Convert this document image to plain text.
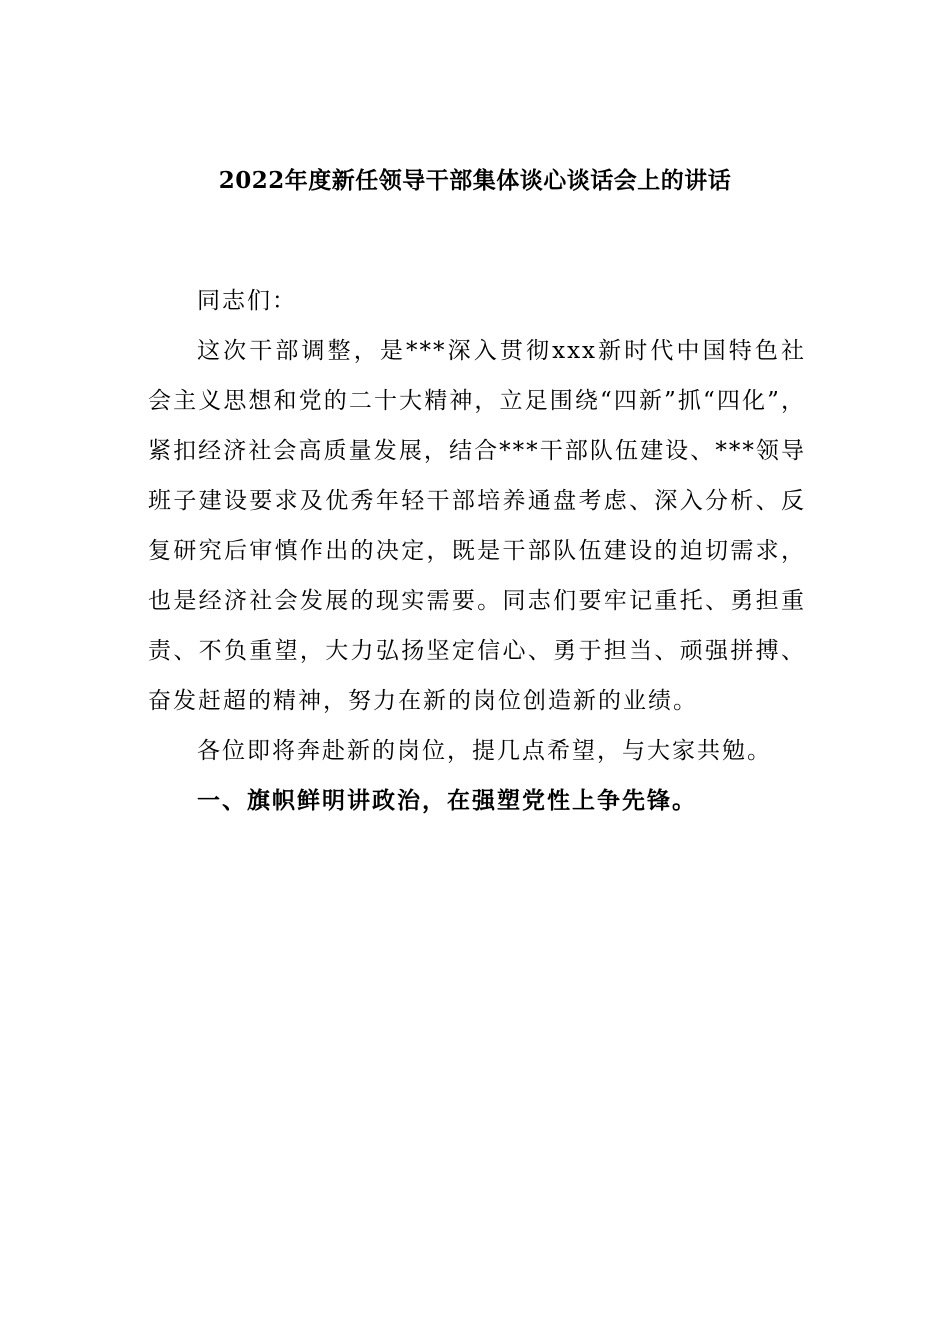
2022年度新任领导干部集体谈心谈话会上的讲话

同志们：

这次干部调整，是***深入贯彻xxx新时代中国特色社会主义思想和党的二十大精神，立足围绕“四新”抓“四化”，紧扣经济社会高质量发展，结合***干部队伍建设、***领导班子建设要求及优秀年轻干部培养通盘考虑、深入分析、反复研究后审慎作出的决定，既是干部队伍建设的迫切需求，也是经济社会发展的现实需要。同志们要牢记重托、勇担重责、不负重望，大力弘扬坚定信心、勇于担当、顽强拼搏、奋发赶超的精神，努力在新的岗位创造新的业绩。

各位即将奔赴新的岗位，提几点希望，与大家共勉。

一、旗帜鲜明讲政治，在强塑党性上争先锋。
